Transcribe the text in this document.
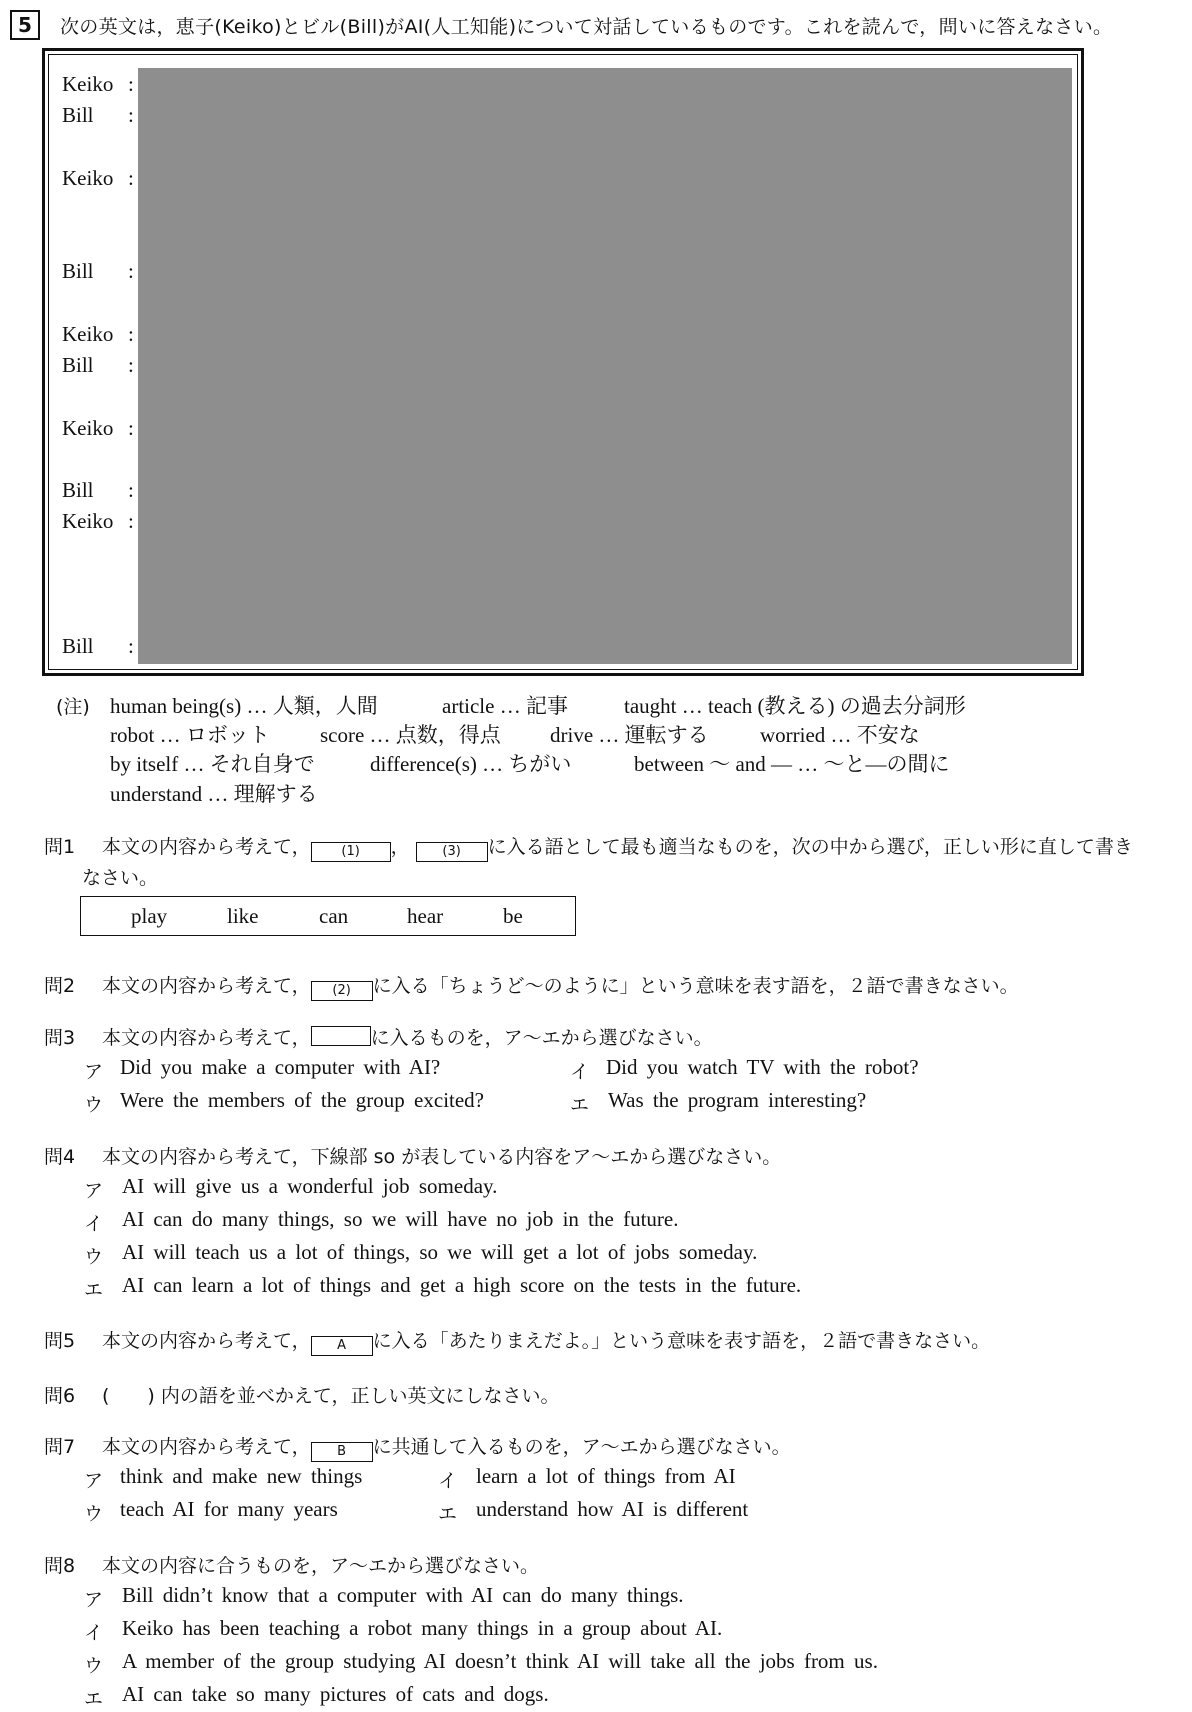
5 次の英文は，恵子(Keiko)とビル(Bill)がAI(人工知能)について対話しているものです。これを読んで，問いに答えなさい。
Keiko :
Bill :
Keiko :
Bill :
Keiko :
Bill :
Keiko :
Bill :
Keiko :
Bill :
(注) human being(s) … 人類，人間	article … 記事	taught … teach (教える) の過去分詞形
robot … ロボット score … 点数，得点 drive … 運転する worried … 不安な
by itself … それ自身で	difference(s) … ちがい	between ～ and ― … ～と―の間に
understand … 理解する
問1 本文の内容から考えて， (1) ，	(3) に入る語として最も適当なものを，次の中から選び，正しい形に直して書き
なさい。
play	like	can	hear	be
問2 本文の内容から考えて， (2) に入る「ちょうど～のように」という意味を表す語を，２語で書きなさい。
問3 本文の内容から考えて，	に入るものを，ア～エから選びなさい。
ア Did you make a computer with AI?	イ Did you watch TV with the robot?
ウ Were the members of the group excited?	エ Was the program interesting?
問4 本文の内容から考えて，下線部 so が表している内容をア～エから選びなさい。
ア AI will give us a wonderful job someday.
イ AI can do many things, so we will have no job in the future.
ウ AI will teach us a lot of things, so we will get a lot of jobs someday.
エ AI can learn a lot of things and get a high score on the tests in the future.
問5 本文の内容から考えて， A に入る「あたりまえだよ。」という意味を表す語を，２語で書きなさい。
問6 (　　) 内の語を並べかえて，正しい英文にしなさい。
問7 本文の内容から考えて， B に共通して入るものを，ア～エから選びなさい。
ア think and make new things	イ learn a lot of things from AI
ウ teach AI for many years	エ understand how AI is different
問8 本文の内容に合うものを，ア～エから選びなさい。
ア Bill didn’t know that a computer with AI can do many things.
イ Keiko has been teaching a robot many things in a group about AI.
ウ A member of the group studying AI doesn’t think AI will take all the jobs from us.
エ AI can take so many pictures of cats and dogs.
